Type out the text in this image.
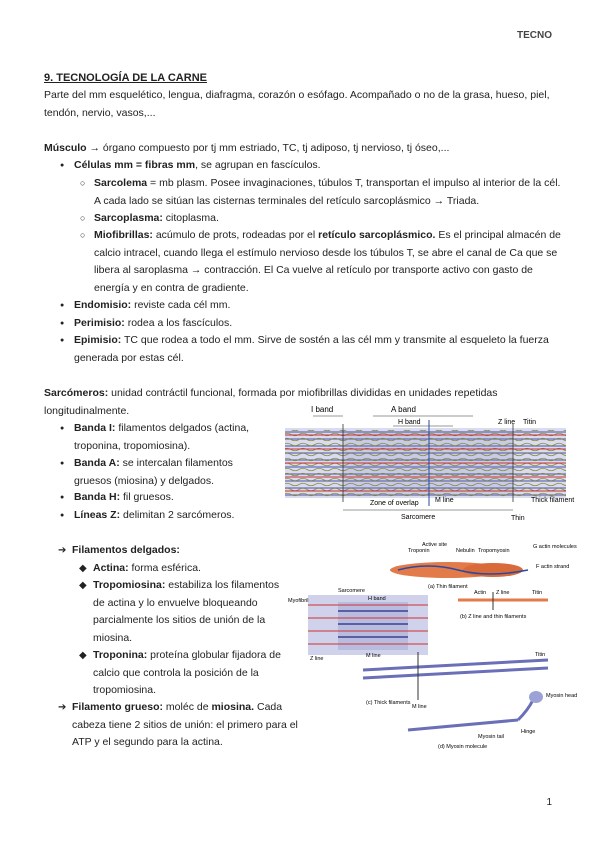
TECNO
9. TECNOLOGÍA DE LA CARNE
Parte del mm esquelético, lengua, diafragma, corazón o esófago. Acompañado o no de la grasa, hueso, piel, tendón, nervio, vasos,...
Músculo → órgano compuesto por tj mm estriado, TC, tj adiposo, tj nervioso, tj óseo,...
● Células mm = fibras mm, se agrupan en fascículos.
○ Sarcolema = mb plasm. Posee invaginaciones, túbulos T, transportan el impulso al interior de la cél. A cada lado se sitúan las cisternas terminales del retículo sarcoplásmico → Triada.
○ Sarcoplasma: citoplasma.
○ Miofibrillas: acúmulo de prots, rodeadas por el retículo sarcoplásmico. Es el principal almacén de calcio intracel, cuando llega el estímulo nervioso desde los túbulos T, se abre el canal de Ca que se libera al saroplasma → contracción. El Ca vuelve al retículo por transporte activo con gasto de energía y en contra de gradiente.
● Endomisio: reviste cada cél mm.
● Perimisio: rodea a los fascículos.
● Epimisio: TC que rodea a todo el mm. Sirve de sostén a las cél mm y transmite al esqueleto la fuerza generada por estas cél.
Sarcómeros: unidad contráctil funcional, formada por miofibrillas divididas en unidades repetidas longitudinalmente.
● Banda I: filamentos delgados (actina, troponina, tropomiosina).
● Banda A: se intercalan filamentos gruesos (miosina) y delgados.
● Banda H: fil gruesos.
● Líneas Z: delimitan 2 sarcómeros.
➔ Filamentos delgados:
◆ Actina: forma esférica.
◆ Tropomiosina: estabiliza los filamentos de actina y lo envuelve bloqueando parcialmente los sitios de unión de la miosina.
◆ Troponina: proteína globular fijadora de calcio que controla la posición de la tropomiosina.
➔ Filamento grueso: moléc de miosina. Cada cabeza tiene 2 sitios de unión: el primero para el ATP y el segundo para la actina.
I band	A band
H band	Z line Titin
M line
Zone of overlap
Sarcomere	Thin
Thick filament
Active site
Troponin	Nebulin Tropomyosin
G actin molecules
F actin strand
(a) Thin filament
Sarcomere
H band
Myofibril
Actin Z line	Titin
(b) Z line and thin filaments
Z line	M line	Titin
(c) Thick filaments
M line
Myosin tail
Hinge
Myosin head
(d) Myosin molecule
1
